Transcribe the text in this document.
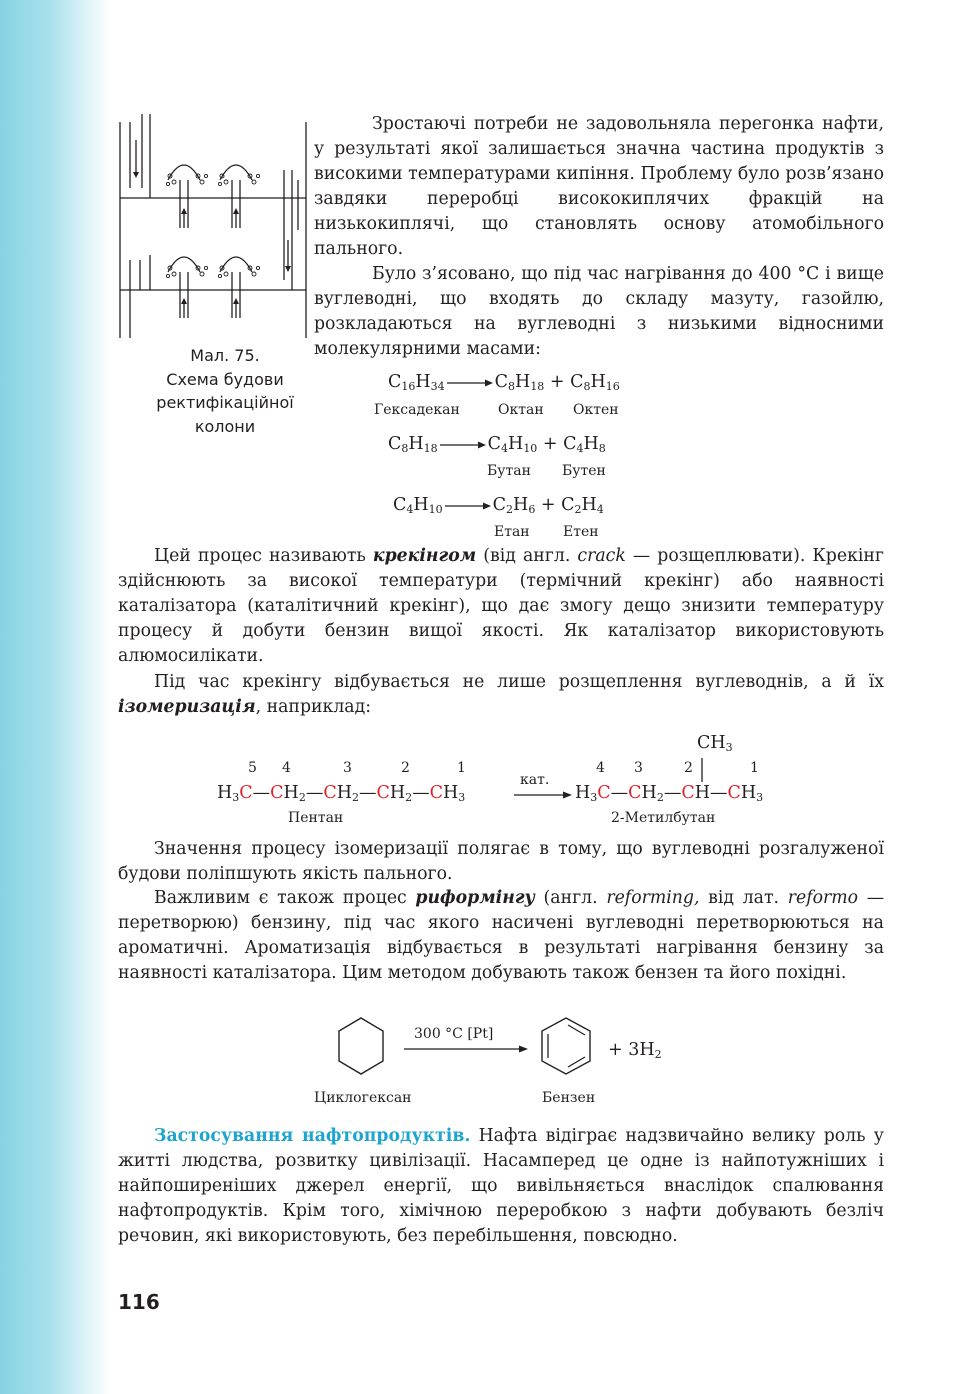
Мал. 75.
Схема будови
ректифікаційної
колони

Зростаючі потреби не задовольняла перегонка нафти, у результаті якої залишається значна частина продуктів з високими температурами кипіння. Проблему було розв’язано завдяки переробці висококиплячих фракцій на низькокиплячі, що становлять основу атомобільного пального.

Було з’ясовано, що під час нагрівання до 400 °С і вище вуглеводні, що входять до складу мазуту, газойлю, розкладаються на вуглеводні з низькими відносними молекулярними масами:

$C_{16}H_{34}$	$C_8H_{18} + C_8H_{16}$
Гексадекан	Октан Октен
$C_8H_{18}$	$C_4H_{10} + C_4H_8$
Бутан Бутен
$C_4H_{10}$	$C_2H_6 + C_2H_4$
Етан Етен

Цей процес називають крекінгом (від англ. crack — розщеплювати). Крекінг здійснюють за високої температури (термічний крекінг) або наявності каталізатора (каталітичний крекінг), що дає змогу дещо знизити температуру процесу й добути бензин вищої якості. Як каталізатор використовують алюмосилікати.

Під час крекінгу відбувається не лише розщеплення вуглеводнів, а й їх ізомеризація, наприклад:

$CH_3$
5 4	3	2	1	4 3	2	1
$H_3C—CH_2—CH_2—CH_2—CH_3$
кат.
→ $H_3C—CH_2—CH—CH_3$
Пентан	2-Метилбутан

Значення процесу ізомеризації полягає в тому, що вуглеводні розгалуженої будови поліпшують якість пального.

Важливим є також процес риформінгу (англ. reforming, від лат. reformo — перетворюю) бензину, під час якого насичені вуглеводні перетворюються на ароматичні. Ароматизація відбувається в результаті нагрівання бензину за наявності каталізатора. Цим методом добувають також бензен та його похідні.

300 °C [Pt]
+ $3H_2$
Циклогексан	Бензен

Застосування нафтопродуктів. Нафта відіграє надзвичайно велику роль у житті людства, розвитку цивілізації. Насамперед це одне із найпотужніших і найпоширеніших джерел енергії, що вивільняється внаслідок спалювання нафтопродуктів. Крім того, хімічною переробкою з нафти добувають безліч речовин, які використовують, без перебільшення, повсюдно.

116
